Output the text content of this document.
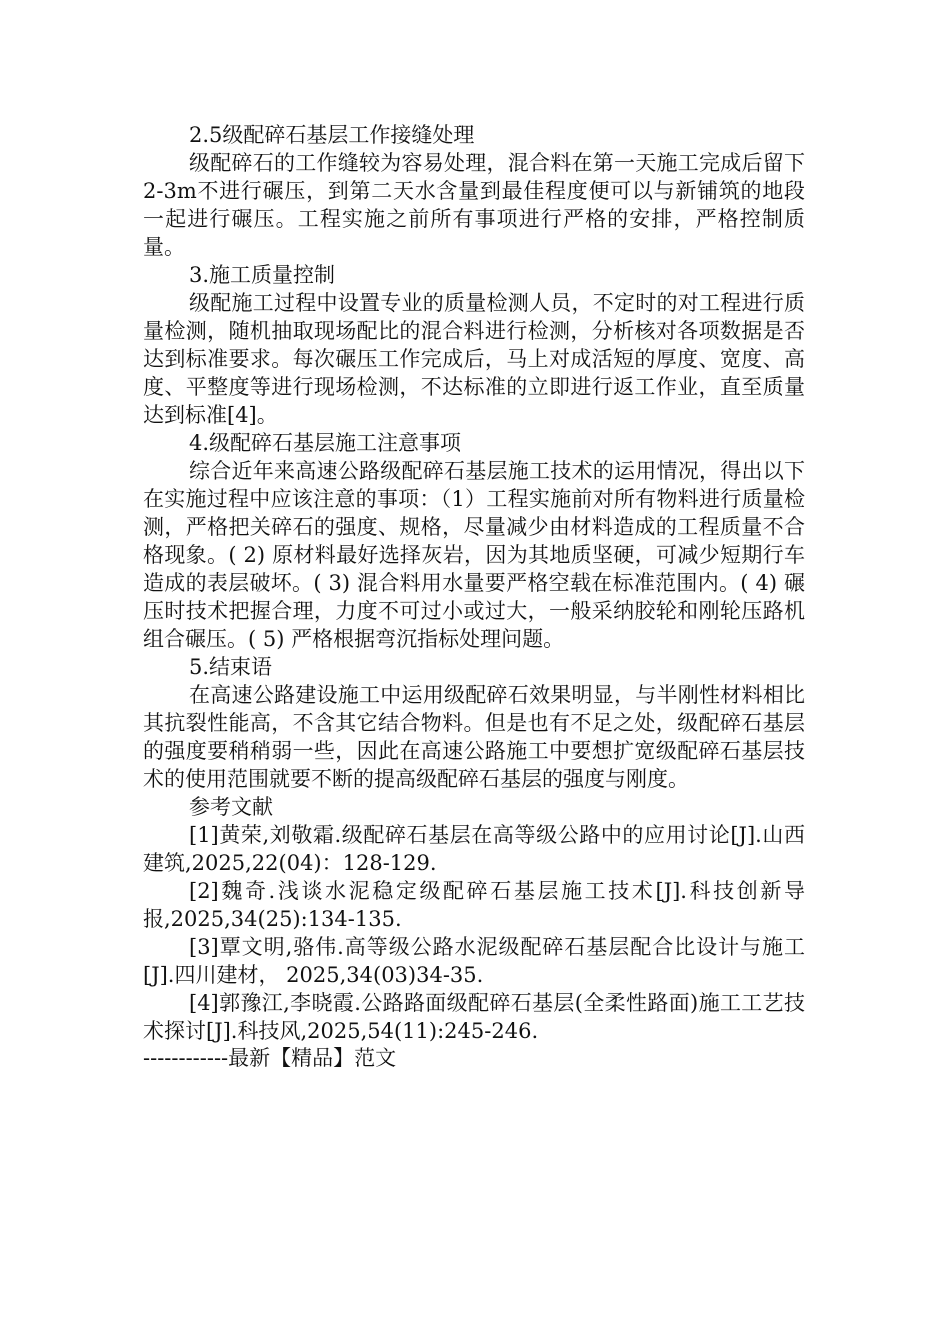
2.5级配碎石基层工作接缝处理

级配碎石的工作缝较为容易处理，混合料在第一天施工完成后留下2-3m不进行碾压，到第二天水含量到最佳程度便可以与新铺筑的地段一起进行碾压。工程实施之前所有事项进行严格的安排，严格控制质量。

3.施工质量控制

级配施工过程中设置专业的质量检测人员，不定时的对工程进行质量检测，随机抽取现场配比的混合料进行检测，分析核对各项数据是否达到标准要求。每次碾压工作完成后，马上对成活短的厚度、宽度、高度、平整度等进行现场检测，不达标准的立即进行返工作业，直至质量达到标准[4]。

4.级配碎石基层施工注意事项

综合近年来高速公路级配碎石基层施工技术的运用情况，得出以下在实施过程中应该注意的事项：（1）工程实施前对所有物料进行质量检测，严格把关碎石的强度、规格，尽量减少由材料造成的工程质量不合格现象。( 2) 原材料最好选择灰岩，因为其地质坚硬，可减少短期行车造成的表层破坏。( 3) 混合料用水量要严格空载在标准范围内。( 4) 碾压时技术把握合理，力度不可过小或过大，一般采纳胶轮和刚轮压路机组合碾压。( 5) 严格根据弯沉指标处理问题。

5.结束语

在高速公路建设施工中运用级配碎石效果明显，与半刚性材料相比其抗裂性能高，不含其它结合物料。但是也有不足之处，级配碎石基层的强度要稍稍弱一些，因此在高速公路施工中要想扩宽级配碎石基层技术的使用范围就要不断的提高级配碎石基层的强度与刚度。

参考文献

[1]黄荣,刘敬霜.级配碎石基层在高等级公路中的应用讨论[J].山西建筑,2025,22(04)：128-129.

[2]魏奇.浅谈水泥稳定级配碎石基层施工技术[J].科技创新导报,2025,34(25):134-135.

[3]覃文明,骆伟.高等级公路水泥级配碎石基层配合比设计与施工[J].四川建材， 2025,34(03)34-35.

[4]郭豫江,李晓霞.公路路面级配碎石基层(全柔性路面)施工工艺技术探讨[J].科技风,2025,54(11):245-246.

------------最新【精品】范文
